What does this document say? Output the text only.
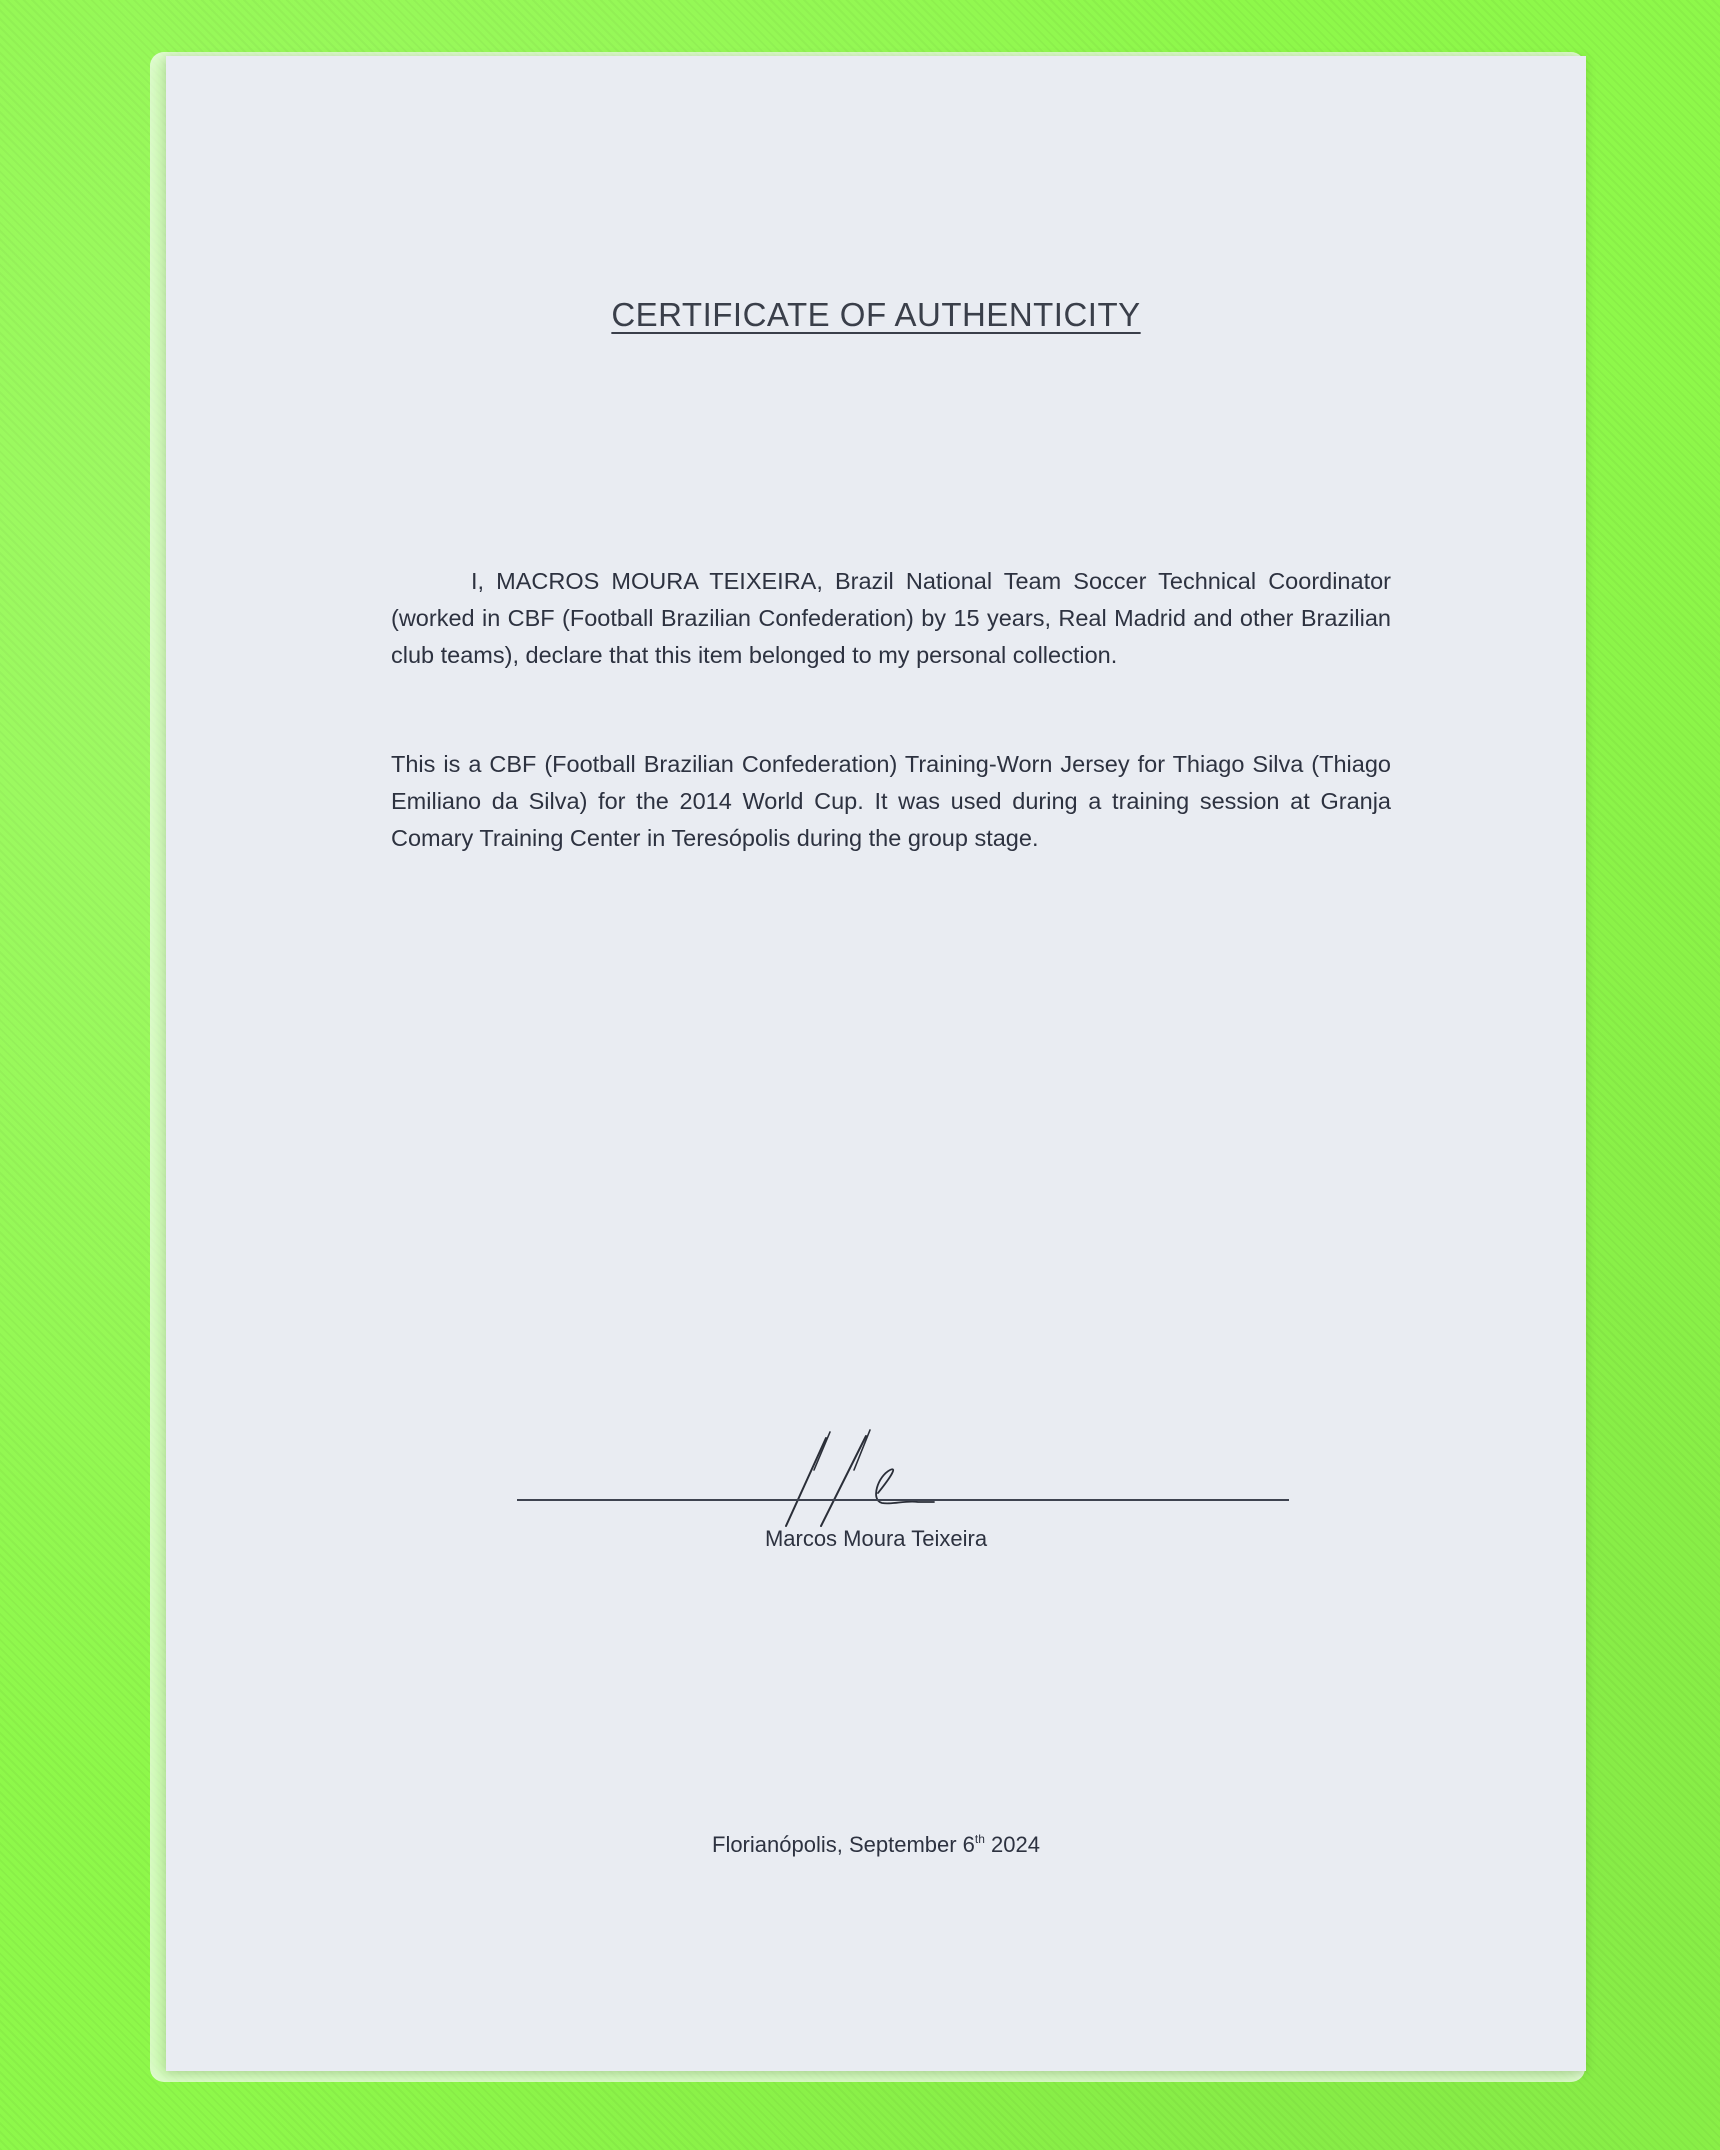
CERTIFICATE OF AUTHENTICITY
I, MACROS MOURA TEIXEIRA, Brazil National Team Soccer Technical Coordinator (worked in CBF (Football Brazilian Confederation) by 15 years, Real Madrid and other Brazilian club teams), declare that this item belonged to my personal collection.
This is a CBF (Football Brazilian Confederation) Training-Worn Jersey for Thiago Silva (Thiago Emiliano da Silva) for the 2014 World Cup. It was used during a training session at Granja Comary Training Center in Teresópolis during the group stage.
Marcos Moura Teixeira
Florianópolis, September 6th 2024
